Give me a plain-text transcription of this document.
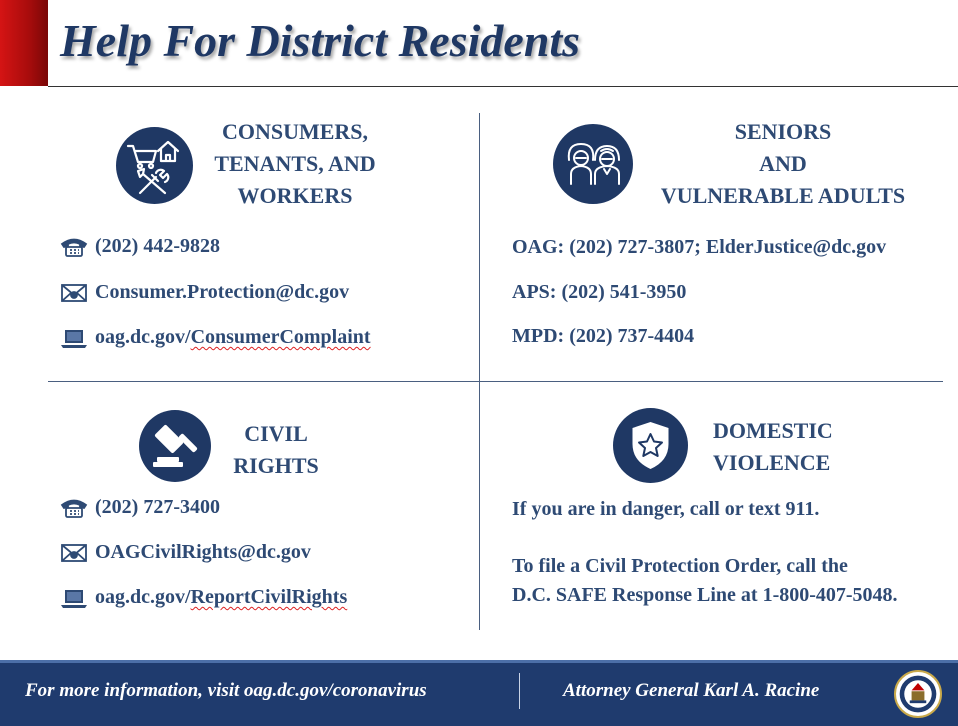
Help For District Residents
CONSUMERS,
TENANTS, AND
WORKERS
(202) 442-9828
Consumer.Protection@dc.gov
oag.dc.gov/ ConsumerComplaint
SENIORS
AND
VULNERABLE ADULTS
OAG: (202) 727-3807; ElderJustice@dc.gov
APS: (202) 541-3950
MPD: (202) 737-4404
CIVIL
RIGHTS
(202) 727-3400
OAGCivilRights@dc.gov
oag.dc.gov/ ReportCivilRights
DOMESTIC
VIOLENCE
If you are in danger, call or text 911.
To file a Civil Protection Order, call the
D.C. SAFE Response Line at 1-800-407-5048.
For more information, visit oag.dc.gov/coronavirus	Attorney General Karl A. Racine
